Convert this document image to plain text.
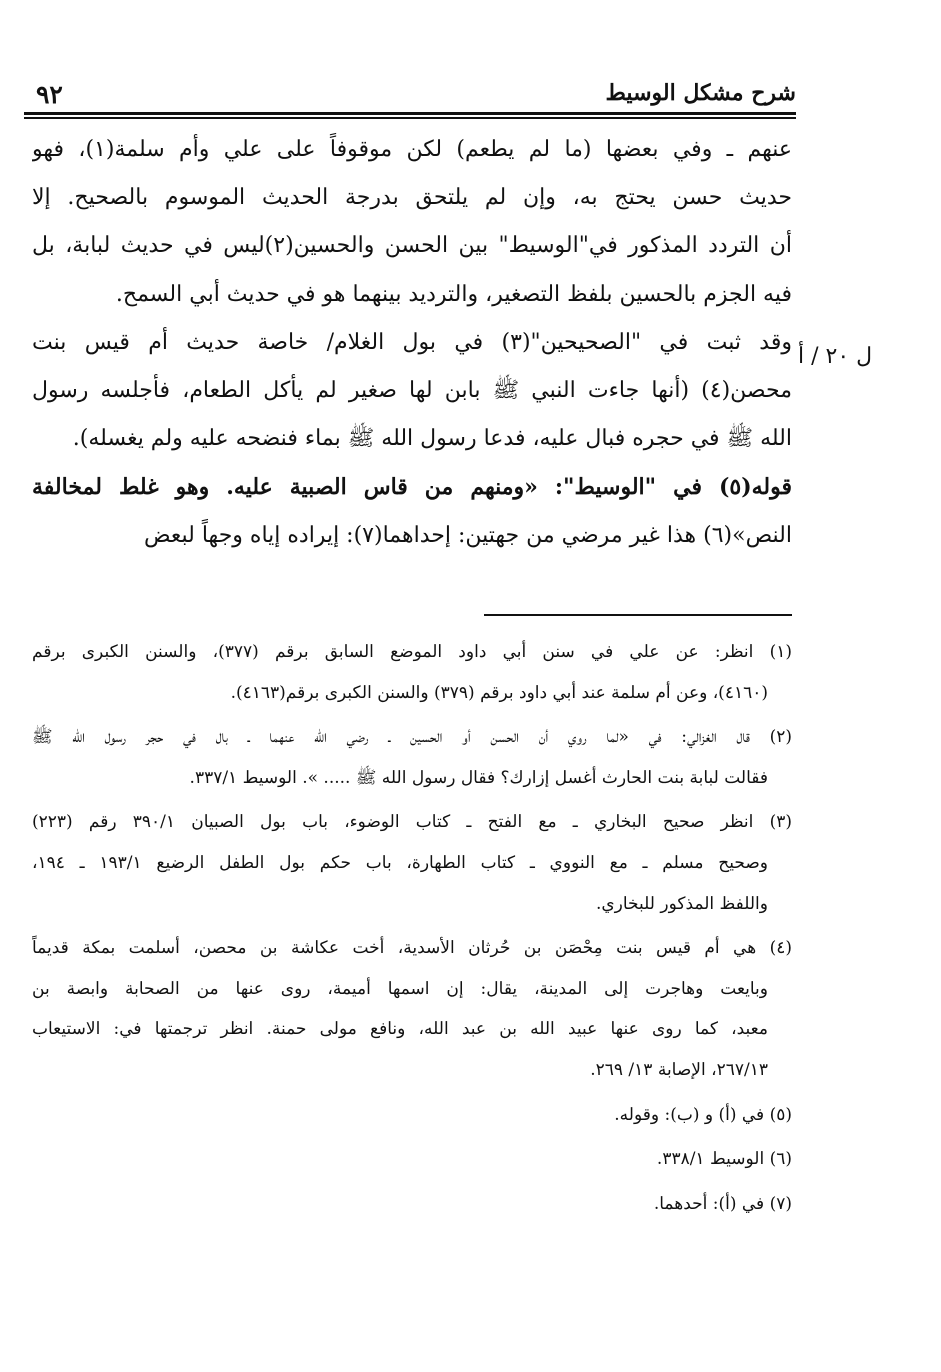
٩٢	شرح مشكل الوسيط
ل ٢٠ / أ

عنهم ـ وفي بعضها (ما لم يطعم) لكن موقوفاً على علي وأم سلمة(١)، فهو
حديث حسن يحتج به، وإن لم يلتحق بدرجة الحديث الموسوم بالصحيح. إلا
أن التردد المذكور في"الوسيط" بين الحسن والحسين(٢)ليس في حديث لبابة، بل
فيه الجزم بالحسين بلفظ التصغير، والترديد بينهما هو في حديث أبي السمح.

وقد ثبت في "الصحيحين"(٣) في بول الغلام/ خاصة حديث أم قيس بنت
محصن(٤) (أنها جاءت النبي ﷺ بابن لها صغير لم يأكل الطعام، فأجلسه رسول
الله ﷺ في حجره فبال عليه، فدعا رسول الله ﷺ بماء فنضحه عليه ولم يغسله).

قوله(٥) في "الوسيط": «ومنهم من قاس الصبية عليه. وهو غلط لمخالفة
النص»(٦) هذا غير مرضي من جهتين: إحداهما(٧): إيراده إياه وجهاً لبعض

(١) انظر: عن علي في سنن أبي داود الموضع السابق برقم (٣٧٧)، والسنن الكبرى برقم
(٤١٦٠)، وعن أم سلمة عند أبي داود برقم (٣٧٩) والسنن الكبرى برقم(٤١٦٣).
(٢) قال الغزالي: في «لما روي أن الحسن أو الحسين ـ رضي الله عنهما ـ بال في حجر رسول الله ﷺ
فقالت لبابة بنت الحارث أغسل إزارك؟ فقال رسول الله ﷺ ..... ». الوسيط ٣٣٧/١.
(٣) انظر صحيح البخاري ـ مع الفتح ـ كتاب الوضوء، باب بول الصبيان ٣٩٠/١ رقم (٢٢٣)
وصحيح مسلم ـ مع النووي ـ كتاب الطهارة، باب حكم بول الطفل الرضيع ١٩٣/١ ـ ١٩٤،
واللفظ المذكور للبخاري.
(٤) هي أم قيس بنت مِحْصَن بن حُرثان الأسدية، أخت عكاشة بن محصن، أسلمت بمكة قديماً
وبايعت وهاجرت إلى المدينة، يقال: إن اسمها أميمة، روى عنها من الصحابة وابصة بن
معبد، كما روى عنها عبيد الله بن عبد الله، ونافع مولى حمنة. انظر ترجمتها في: الاستيعاب
٢٦٧/١٣، الإصابة ١٣/ ٢٦٩.
(٥) في (أ) و (ب): وقوله.
(٦) الوسيط ٣٣٨/١.
(٧) في (أ): أحدهما.
